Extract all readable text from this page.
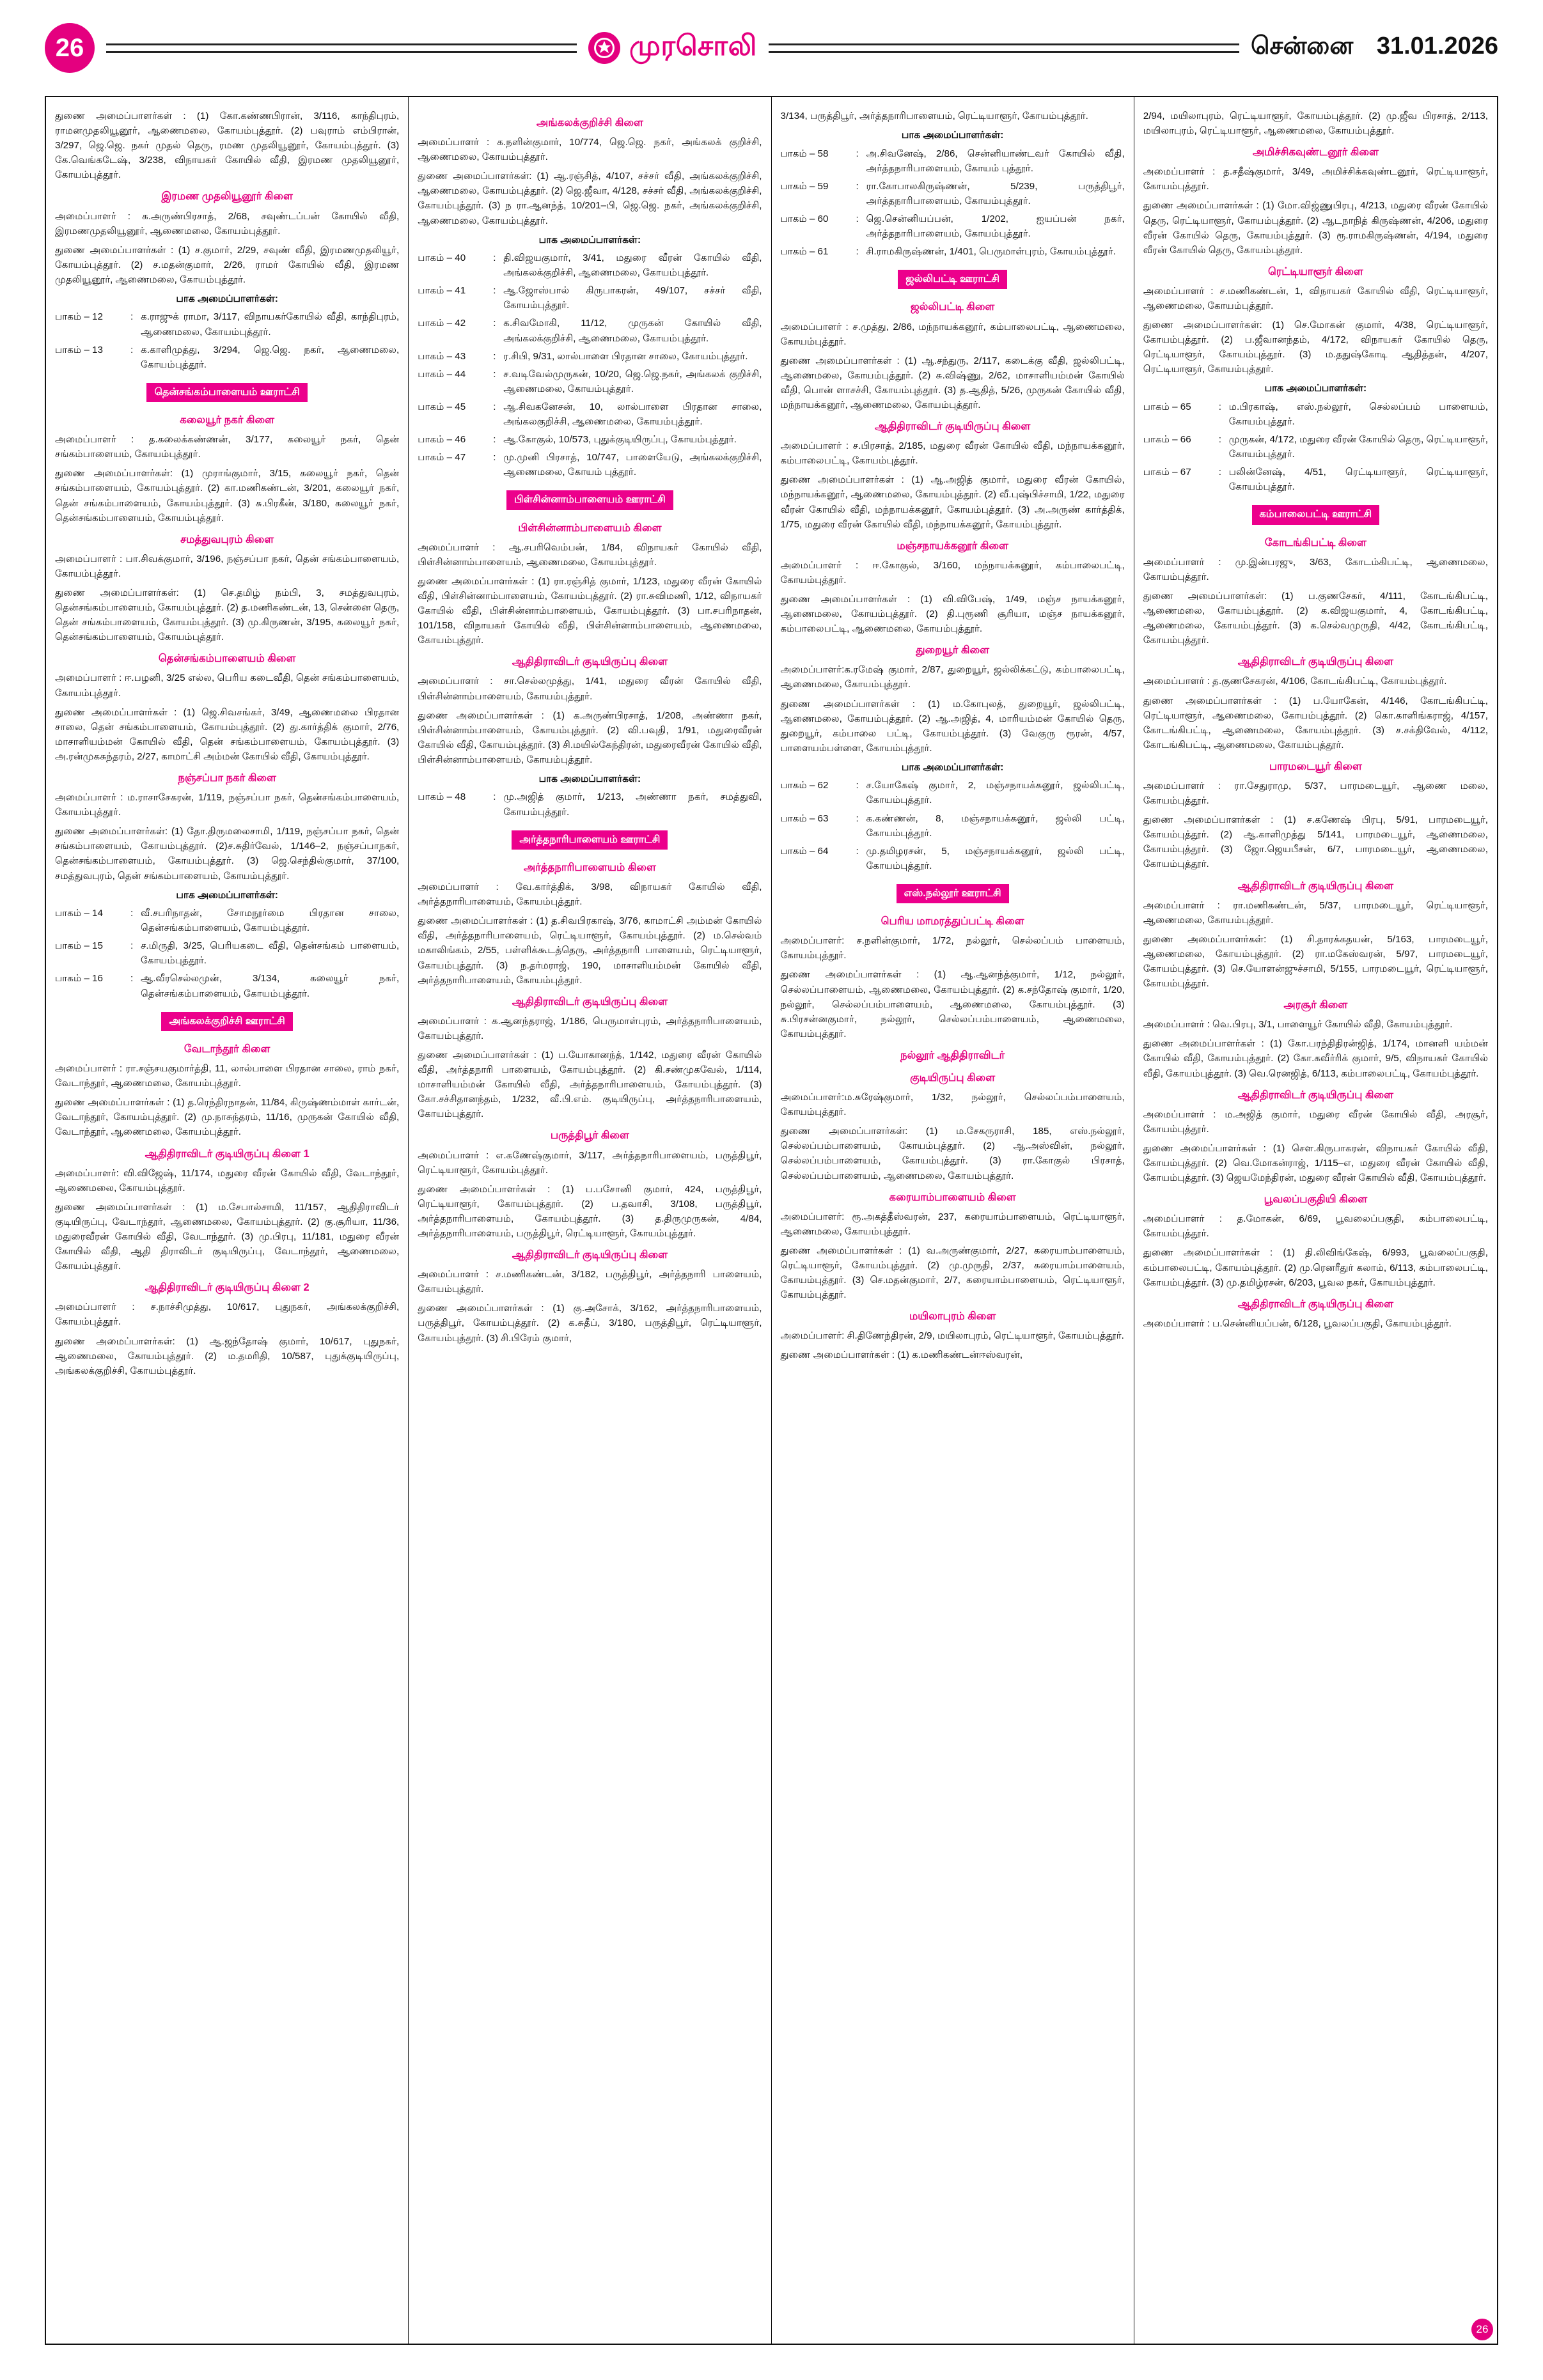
26	முரசொலி	சென்னை 31.01.2026

துணை அமைப்பாளர்கள் : (1) கோ.கண்ணபிரான், 3/116, காந்திபுரம், ராமனமுதலியூனூர், ஆணைமலை, கோயம்புத்தூர். (2) பவுராம் எம்பிரான், 3/297, ஜெ.ஜெ. நகர் முதல் தெரு, ரமண முதலியூனூர், கோயம்புத்தூர். (3) கே.வெங்கடேஷ், 3/238, விநாயகர் கோயில் வீதி, இரமண முதலியூனூர், கோயம்புத்தூர்.

இரமண முதலியூனூர் கிளை

அமைப்பாளர் : க.அருண்பிரசாத், 2/68, சவுண்டப்பன் கோயில் வீதி, இரமணமுதலியூனூர், ஆணைமலை, கோயம்புத்தூர்.

துணை அமைப்பாளர்கள் : (1) ச.குமார், 2/29, சவுண் வீதி, இரமணமுதலியூர், கோயம்புத்தூர். (2) ச.மதன்குமார், 2/26, ராமர் கோயில் வீதி, இரமண முதலியூனூர், ஆணைமலை, கோயம்புத்தூர்.

பாக அமைப்பாளர்கள்:
பாகம் – 12	: க.ராஜுக் ராமா, 3/117, விநாயகர்கோயில் வீதி, காந்திபுரம், ஆணைமலை, கோயம்புத்தூர்.
பாகம் – 13	: க.காளிமுத்து, 3/294, ஜெ.ஜெ. நகர், ஆணைமலை, கோயம்புத்தூர்.
தென்சங்கம்பாளையம் ஊராட்சி
கலையூர் நகர் கிளை

அமைப்பாளர் : த.கலைக்கண்ணன், 3/177, கலையூர் நகர், தென் சங்கம்பாளையம், கோயம்புத்தூர்.

துணை அமைப்பாளர்கள்: (1) முராங்குமார், 3/15, கலையூர் நகர், தென் சங்கம்பாளையம், கோயம்புத்தூர். (2) கா.மணிகண்டன், 3/201, கலையூர் நகர், தென் சங்கம்பாளையம், கோயம்புத்தூர். (3) சு.பிரகீன், 3/180, கலையூர் நகர், தென்சங்கம்பாளையம், கோயம்புத்தூர்.

சமத்துவபுரம் கிளை

அமைப்பாளர் : பா.சிவக்குமார், 3/196, நஞ்சப்பா நகர், தென் சங்கம்பாளையம், கோயம்புத்தூர்.

துணை அமைப்பாளர்கள்: (1) செ.தமிழ் நம்பி, 3, சமத்துவபுரம், தென்சங்கம்பாளையம், கோயம்புத்தூர். (2) த.மணிகண்டன், 13, சென்னை தெரு, தென் சங்கம்பாளையம், கோயம்புத்தூர். (3) மு.கிருணன், 3/195, கலையூர் நகர், தென்சங்கம்பாளையம், கோயம்புத்தூர்.

தென்சங்கம்பாளையம் கிளை

அமைப்பாளர் : ஈ.பழனி, 3/25 எல்ல, பெரிய கடைவீதி, தென் சங்கம்பாளையம், கோயம்புத்தூர்.

துணை அமைப்பாளர்கள் : (1) ஜெ.சிவசங்கர், 3/49, ஆணைமலை பிரதான சாலை, தென் சங்கம்பாளையம், கோயம்புத்தூர். (2) து.கார்த்திக் குமார், 2/76, மாசாளியம்மன் கோயில் வீதி, தென் சங்கம்பாளையம், கோயம்புத்தூர். (3) அ.ரன்முகசுந்தரம், 2/27, காமாட்சி அம்மன் கோயில் வீதி, கோயம்புத்தூர்.

நஞ்சப்பா நகர் கிளை

அமைப்பாளர் : ம.ராசாசேகரன், 1/119, நஞ்சப்பா நகர், தென்சங்கம்பாளையம், கோயம்புத்தூர்.

துணை அமைப்பாளர்கள்: (1) தோ.திருமலைசாமி, 1/119, நஞ்சப்பா நகர், தென் சங்கம்பாளையம், கோயம்புத்தூர். (2)ச.சுதிர்வேல், 1/146–2, நஞ்சப்பாநகர், தென்சங்கம்பாளையம், கோயம்புத்தூர். (3) ஜெ.செந்தில்குமார், 37/100, சமத்துவபுரம், தென் சங்கம்பாளையம், கோயம்புத்தூர்.

பாக அமைப்பாளர்கள்:
பாகம் – 14	: வீ.சபரிநாதன், சோமநூர்மை பிரதான சாலை, தென்சங்கம்பாளையம், கோயம்புத்தூர்.
பாகம் – 15	: ச.மிருதி, 3/25, பெரியகடை வீதி, தென்சங்கம் பாளையம், கோயம்புத்தூர்.
பாகம் – 16	: ஆ.வீரசெல்லமுன், 3/134, கலையூர் நகர், தென்சங்கம்பாளையம், கோயம்புத்தூர்.
அங்கலக்குறிச்சி ஊராட்சி
வேடாந்தூர் கிளை

அமைப்பாளர் : ரா.சஞ்சயகுமார்த்தி, 11, லால்பாளை பிரதான சாலை, ராம் நகர், வேடாந்தூர், ஆணைமலை, கோயம்புத்தூர்.

துணை அமைப்பாளர்கள் : (1) த.ரெந்திரநாதன், 11/84, கிருஷ்ணம்மாள் கார்டன், வேடாந்தூர், கோயம்புத்தூர். (2) மு.நாசுந்தரம், 11/16, முருகன் கோயில் வீதி, வேடாந்தூர், ஆணைமலை, கோயம்புத்தூர்.

ஆதிதிராவிடர் குடியிருப்பு கிளை 1

அமைப்பாளர்: வி.விஜேஷ், 11/174, மதுரை வீரன் கோயில் வீதி, வேடாந்தூர், ஆணைமலை, கோயம்புத்தூர்.

துணை அமைப்பாளர்கள் : (1) ம.சேபால்சாமி, 11/157, ஆதிதிராவிடர் குடியிருப்பு, வேடாந்தூர், ஆணைமலை, கோயம்புத்தூர். (2) கு.சூரியா, 11/36, மதுரைவீரன் கோயில் வீதி, வேடாந்தூர். (3) மு.பிரபு, 11/181, மதுரை வீரன் கோயில் வீதி, ஆதி திராவிடர் குடியிருப்பு, வேடாந்தூர், ஆணைமலை, கோயம்புத்தூர்.

ஆதிதிராவிடர் குடியிருப்பு கிளை 2

அமைப்பாளர் : ச.நாச்சிமுத்து, 10/617, புதுநகர், அங்கலக்குறிச்சி, கோயம்புத்தூர்.

துணை அமைப்பாளர்கள்: (1) ஆ.ஜந்தோஷ் குமார், 10/617, புதுநகர், ஆணைமலை, கோயம்புத்தூர். (2) ம.தமரிதி, 10/587, புதுக்குடியிருப்பு, அங்கலக்குறிச்சி, கோயம்புத்தூர்.

அங்கலக்குறிச்சி கிளை

அமைப்பாளர் : க.நளின்குமார், 10/774, ஜெ.ஜெ. நகர், அங்கலக் குறிச்சி, ஆணைமலை, கோயம்புத்தூர்.

துணை அமைப்பாளர்கள்: (1) ஆ.ரஞ்சித், 4/107, சச்சர் வீதி, அங்கலக்குறிச்சி, ஆணைமலை, கோயம்புத்தூர். (2) ஜெ.ஜீவா, 4/128, சச்சர் வீதி, அங்கலக்குறிச்சி, கோயம்புத்தூர். (3) ந ரா.ஆனந்த், 10/201–பி, ஜெ.ஜெ. நகர், அங்கலக்குறிச்சி, ஆணைமலை, கோயம்புத்தூர்.

பாக அமைப்பாளர்கள்:
பாகம் – 40	: தி.விஜயகுமார், 3/41, மதுரை வீரன் கோயில் வீதி, அங்கலக்குறிச்சி, ஆணைமலை, கோயம்புத்தூர்.
பாகம் – 41	: ஆ.ஜோஸ்பால் கிருபாகரன், 49/107, சச்சர் வீதி, கோயம்புத்தூர்.
பாகம் – 42	: க.சிவமோகி, 11/12, முருகன் கோயில் வீதி, அங்கலக்குறிச்சி, ஆணைமலை, கோயம்புத்தூர்.
பாகம் – 43	: ர.சிபி, 9/31, லால்பாளை பிரதான சாலை, கோயம்புத்தூர்.
பாகம் – 44	: ச.வடிவேல்முருகன், 10/20, ஜெ.ஜெ.நகர், அங்கலக் குறிச்சி, ஆணைமலை, கோயம்புத்தூர்.
பாகம் – 45	: ஆ.சிவகனேசன், 10, லால்பாளை பிரதான சாலை, அங்கலகுறிச்சி, ஆணைமலை, கோயம்புத்தூர்.
பாகம் – 46	: ஆ.கோகுல், 10/573, புதுக்குடியிருப்பு, கோயம்புத்தூர்.
பாகம் – 47	: மு.முனி பிரசாத், 10/747, பாளையேடு, அங்கலக்குறிச்சி, ஆணைமலை, கோயம் புத்தூர்.
பிள்சின்னாம்பாளையம் ஊராட்சி
பிள்சின்னாம்பாளையம் கிளை

அமைப்பாளர் : ஆ.சபரிவெம்பன், 1/84, விநாயகர் கோயில் வீதி, பிள்சின்னாம்பாளையம், ஆணைமலை, கோயம்புத்தூர்.

துணை அமைப்பாளர்கள் : (1) ரா.ரஞ்சித் குமார், 1/123, மதுரை வீரன் கோயில் வீதி, பிள்சின்னாம்பாளையம், கோயம்புத்தூர். (2) ரா.சுவிமணி, 1/12, விநாயகர் கோயில் வீதி, பிள்சின்னாம்பாளையம், கோயம்புத்தூர். (3) பா.சபரிநாதன், 101/158, விநாயகர் கோயில் வீதி, பிள்சின்னாம்பாளையம், ஆணைமலை, கோயம்புத்தூர்.

ஆதிதிராவிடர் குடியிருப்பு கிளை

அமைப்பாளர் : சா.செல்லமுத்து, 1/41, மதுரை வீரன் கோயில் வீதி, பிள்சின்னாம்பாளையம், கோயம்புத்தூர்.

துணை அமைப்பாளர்கள் : (1) க.அருண்பிரசாத், 1/208, அண்ணா நகர், பிள்சின்னாம்பாளையம், கோயம்புத்தூர். (2) வி.பவுதி, 1/91, மதுரைவீரன் கோயில் வீதி, கோயம்புத்தூர். (3) சி.மயில்கேந்திரன், மதுரைவீரன் கோயில் வீதி, பிள்சின்னாம்பாளையம், கோயம்புத்தூர்.

பாக அமைப்பாளர்கள்:
பாகம் – 48	: மு.அஜித் குமார், 1/213, அண்ணா நகர், சமத்துவி, கோயம்புத்தூர்.
அர்த்தநாரிபாளையம் ஊராட்சி
அர்த்தநாரிபாளையம் கிளை

அமைப்பாளர் : வே.கார்த்திக், 3/98, விநாயகர் கோயில் வீதி, அர்த்தநாரிபாளையம், கோயம்புத்தூர்.

துணை அமைப்பாளர்கள் : (1) த.சிவபிரகாஷ், 3/76, காமாட்சி அம்மன் கோயில் வீதி, அர்த்தநாரிபாளையம், ரெட்டியாளூர், கோயம்புத்தூர். (2) ம.செல்வம் மகாலிங்கம், 2/55, பள்ளிக்கூடத்தெரு, அர்த்தநாரி பாளையம், ரெட்டியாளூர், கோயம்புத்தூர். (3) ந.தர்மராஜ், 190, மாசாளியம்மன் கோயில் வீதி, அர்த்தநாரிபாளையம், கோயம்புத்தூர்.

ஆதிதிராவிடர் குடியிருப்பு கிளை

அமைப்பாளர் : க.ஆனந்தராஜ், 1/186, பெருமாள்புரம், அர்த்தநாரிபாளையம், கோயம்புத்தூர்.

துணை அமைப்பாளர்கள் : (1) ப.யோகானந்த், 1/142, மதுரை வீரன் கோயில் வீதி, அர்த்தநாரி பாளையம், கோயம்புத்தூர். (2) கி.சண்முகவேல், 1/114, மாசாளியம்மன் கோயில் வீதி, அர்த்தநாரிபாளையம், கோயம்புத்தூர். (3) கோ.சச்சிதானந்தம், 1/232, வீ.பி.எம். குடியிருப்பு, அர்த்தநாரிபாளையம், கோயம்புத்தூர்.

பருத்திபூர் கிளை

அமைப்பாளர் : எ.கணேஷ்குமார், 3/117, அர்த்தநாரிபாளையம், பருத்திபூர், ரெட்டியாளூர், கோயம்புத்தூர்.

துணை அமைப்பாளர்கள் : (1) ப.பசோனி குமார், 424, பருத்திபூர், ரெட்டியாளூர், கோயம்புத்தூர். (2) ப.தவாசி, 3/108, பருத்திபூர், அர்த்தநாரிபாளையம், கோயம்புத்தூர். (3) த.திருமுருகன், 4/84, அர்த்தநாரிபாளையம், பருத்திபூர், ரெட்டியாளூர், கோயம்புத்தூர்.

ஆதிதிராவிடர் குடியிருப்பு கிளை

அமைப்பாளர் : ச.மணிகண்டன், 3/182, பருத்திபூர், அர்த்தநாரி பாளையம், கோயம்புத்தூர்.

துணை அமைப்பாளர்கள் : (1) கு.அசோக், 3/162, அர்த்தநாரிபாளையம், பருத்திபூர், கோயம்புத்தூர். (2) க.சுதீப், 3/180, பருத்திபூர், ரெட்டியாளூர், கோயம்புத்தூர். (3) சி.பிரேம் குமார்,

3/134, பருத்திபூர், அர்த்தநாரிபாளையம், ரெட்டியாளூர், கோயம்புத்தூர்.

பாக அமைப்பாளர்கள்:
பாகம் – 58	: அ.சிவனேஷ், 2/86, சென்னியாண்டவர் கோயில் வீதி, அர்த்தநாரிபாளையம், கோயம் புத்தூர்.
பாகம் – 59	: ரா.கோபாலகிருஷ்ணன், 5/239, பருத்திபூர், அர்த்தநாரிபாளையம், கோயம்புத்தூர்.
பாகம் – 60	: ஜெ.சென்னியப்பன், 1/202, ஐயப்பன் நகர், அர்த்தநாரிபாளையம், கோயம்புத்தூர்.
பாகம் – 61	: சி.ராமகிருஷ்ணன், 1/401, பெருமாள்புரம், கோயம்புத்தூர்.
ஜல்லிபட்டி ஊராட்சி
ஜல்லிபட்டி கிளை

அமைப்பாளர் : ச.முத்து, 2/86, மந்நாயக்கனூர், கம்பாலைபட்டி, ஆணைமலை, கோயம்புத்தூர்.

துணை அமைப்பாளர்கள் : (1) ஆ.சந்துரு, 2/117, கடைக்கு வீதி, ஜல்லிபட்டி, ஆணைமலை, கோயம்புத்தூர். (2) சு.விஷ்ணு, 2/62, மாசாளியம்மன் கோயில் வீதி, பொன் ளாசச்சி, கோயம்புத்தூர். (3) த.ஆதித், 5/26, முருகன் கோயில் வீதி, மந்நாயக்கனூர், ஆணைமலை, கோயம்புத்தூர்.

ஆதிதிராவிடர் குடியிருப்பு கிளை

அமைப்பாளர் : ச.பிரசாத், 2/185, மதுரை வீரன் கோயில் வீதி, மந்நாயக்கனூர், கம்பாலைபட்டி, கோயம்புத்தூர்.

துணை அமைப்பாளர்கள் : (1) ஆ.அஜித் குமார், மதுரை வீரன் கோயில், மந்நாயக்கனூர், ஆணைமலை, கோயம்புத்தூர். (2) வீ.புஷ்பிச்சாமி, 1/22, மதுரை வீரன் கோயில் வீதி, மந்நாயக்கனூர், கோயம்புத்தூர். (3) அ.அருண் கார்த்திக், 1/75, மதுரை வீரன் கோயில் வீதி, மந்நாயக்கனூர், கோயம்புத்தூர்.

மஞ்சநாயக்கனூர் கிளை

அமைப்பாளர் : ஈ.கோகுல், 3/160, மந்நாயக்கனூர், கம்பாலைபட்டி, கோயம்புத்தூர்.

துணை அமைப்பாளர்கள் : (1) வி.விபேஷ், 1/49, மஞ்ச நாயக்கனூர், ஆணைமலை, கோயம்புத்தூர். (2) தி.புரூணி சூரியா, மஞ்ச நாயக்கனூர், கம்பாலைபட்டி, ஆணைமலை, கோயம்புத்தூர்.

துறையூர் கிளை

அமைப்பாளர்:க.ரமேஷ் குமார், 2/87, துறையூர், ஜல்லிக்கட்டு, கம்பாலைபட்டி, ஆணைமலை, கோயம்புத்தூர்.

துணை அமைப்பாளர்கள் : (1) ம.கோபுலத், துறையூர், ஜல்லிபட்டி, ஆணைமலை, கோயம்புத்தூர். (2) ஆ.அஜித், 4, மாரியம்மன் கோயில் தெரு, துறையூர், கம்பாலை பட்டி, கோயம்புத்தூர். (3) வேகுரு ரூரன், 4/57, பாளையம்பள்ளை, கோயம்புத்தூர்.

பாக அமைப்பாளர்கள்:
பாகம் – 62	: ச.யோகேஷ் குமார், 2, மஞ்சநாயக்கனூர், ஜல்லிபட்டி, கோயம்புத்தூர்.
பாகம் – 63	: க.கண்ணன், 8, மஞ்சநாயக்கனூர், ஜல்லி பட்டி, கோயம்புத்தூர்.
பாகம் – 64	: மு.தமிழரசன், 5, மஞ்சநாயக்கனூர், ஜல்லி பட்டி, கோயம்புத்தூர்.
எஸ்.நல்லூர் ஊராட்சி
பெரிய மாமரத்துப்பட்டி கிளை

அமைப்பாளர்: ச.நளின்குமார், 1/72, நல்லூர், செல்லப்பம் பாளையம், கோயம்புத்தூர்.

துணை அமைப்பாளர்கள் : (1) ஆ.ஆனந்த்குமார், 1/12, நல்லூர், செல்லப்பாளையம், ஆணைமலை, கோயம்புத்தூர். (2) க.சந்தோஷ் குமார், 1/20, நல்லூர், செல்லப்பம்பாளையம், ஆணைமலை, கோயம்புத்தூர். (3) சு.பிரசன்னகுமார், நல்லூர், செல்லப்பம்பாளையம், ஆணைமலை, கோயம்புத்தூர்.

நல்லூர் ஆதிதிராவிடர்
குடியிருப்பு கிளை

அமைப்பாளர்:ம.சுரேஷ்குமார், 1/32, நல்லூர், செல்லப்பம்பாளையம், கோயம்புத்தூர்.

துணை அமைப்பாளர்கள்: (1) ம.சேகருராசி, 185, எஸ்.நல்லூர், செல்லப்பம்பாளையம், கோயம்புத்தூர். (2) ஆ.அஸ்வின், நல்லூர், செல்லப்பம்பாளையம், கோயம்புத்தூர். (3) ரா.கோகுல் பிரசாத், செல்லப்பம்பாளையம், ஆணைமலை, கோயம்புத்தூர்.

கரையாம்பாளையம் கிளை

அமைப்பாளர்: ரூ.அகத்தீஸ்வரன், 237, கரையாம்பாளையம், ரெட்டியாளூர், ஆணைமலை, கோயம்புத்தூர்.

துணை அமைப்பாளர்கள் : (1) வ.அருண்குமார், 2/27, கரையாம்பாளையம், ரெட்டியாளூர், கோயம்புத்தூர். (2) மு.முருதி, 2/37, கரையாம்பாளையம், கோயம்புத்தூர். (3) செ.மதன்குமார், 2/7, கரையாம்பாளையம், ரெட்டியாளூர், கோயம்புத்தூர்.

மயிலாபுரம் கிளை

அமைப்பாளர்: சி.திணேந்திரன், 2/9, மயிலாபுரம், ரெட்டியாளூர், கோயம்புத்தூர்.

துணை அமைப்பாளர்கள் : (1) க.மணிகண்டன்ஈஸ்வரன்,

2/94, மயிலாபுரம், ரெட்டியாளூர், கோயம்புத்தூர். (2) மு.ஜீவ பிரசாத், 2/113, மயிலாபுரம், ரெட்டியாளூர், ஆணைமலை, கோயம்புத்தூர்.

அமிச்சிகவுண்டனூர் கிளை

அமைப்பாளர் : த.சதீஷ்குமார், 3/49, அமிச்சிக்கவுண்டனூர், ரெட்டியாளூர், கோயம்புத்தூர்.

துணை அமைப்பாளர்கள் : (1) மோ.விஜ்ணுபிரபு, 4/213, மதுரை வீரன் கோயில் தெரு, ரெட்டியாளூர், கோயம்புத்தூர். (2) ஆடநாநித் கிருஷ்ணன், 4/206, மதுரை வீரன் கோயில் தெரு, கோயம்புத்தூர். (3) ரூ.ராமகிருஷ்ணன், 4/194, மதுரை வீரன் கோயில் தெரு, கோயம்புத்தூர்.

ரெட்டியாளூர் கிளை

அமைப்பாளர் : ச.மணிகண்டன், 1, விநாயகர் கோயில் வீதி, ரெட்டியாளூர், ஆணைமலை, கோயம்புத்தூர்.

துணை அமைப்பாளர்கள்: (1) செ.மோகன் குமார், 4/38, ரெட்டியாளூர், கோயம்புத்தூர். (2) ப.ஜீவானந்தம், 4/172, விநாயகர் கோயில் தெரு, ரெட்டியாளூர், கோயம்புத்தூர். (3) ம.ததுஷ்கோடி ஆதித்தன், 4/207, ரெட்டியாளூர், கோயம்புத்தூர்.

பாக அமைப்பாளர்கள்:
பாகம் – 65	: ம.பிரகாஷ், எஸ்.நல்லூர், செல்லப்பம் பாளையம், கோயம்புத்தூர்.
பாகம் – 66	: முருகன், 4/172, மதுரை வீரன் கோயில் தெரு, ரெட்டியாளூர், கோயம்புத்தூர்.
பாகம் – 67	: பலின்னேஷ், 4/51, ரெட்டியாளூர், ரெட்டியாளூர், கோயம்புத்தூர்.
கம்பாலைபட்டி ஊராட்சி
கோடங்கிபட்டி கிளை

அமைப்பாளர் : மு.இன்பரஜு, 3/63, கோடம்கிபட்டி, ஆணைமலை, கோயம்புத்தூர்.

துணை அமைப்பாளர்கள்: (1) ப.குணசேகர், 4/111, கோடங்கிபட்டி, ஆணைமலை, கோயம்புத்தூர். (2) க.விஜயகுமார், 4, கோடங்கிபட்டி, ஆணைமலை, கோயம்புத்தூர். (3) க.செல்வமுருதி, 4/42, கோடங்கிபட்டி, கோயம்புத்தூர்.

ஆதிதிராவிடர் குடியிருப்பு கிளை

அமைப்பாளர் : த.குணசேகரன், 4/106, கோடங்கிபட்டி, கோயம்புத்தூர்.

துணை அமைப்பாளர்கள் : (1) ப.யோகேன், 4/146, கோடங்கிபட்டி, ரெட்டியாளூர், ஆணைமலை, கோயம்புத்தூர். (2) கொ.காளிங்கராஜ், 4/157, கோடங்கிபட்டி, ஆணைமலை, கோயம்புத்தூர். (3) ச.சக்திவேல், 4/112, கோடங்கிபட்டி, ஆணைமலை, கோயம்புத்தூர்.

பாரமடையூர் கிளை

அமைப்பாளர் : ரா.சேதுராமு, 5/37, பாரமடையூர், ஆணை மலை, கோயம்புத்தூர்.

துணை அமைப்பாளர்கள் : (1) ச.கணேஷ் பிரபு, 5/91, பாரமடையூர், கோயம்புத்தூர். (2) ஆ.காளிமுத்து 5/141, பாரமடையூர், ஆணைமலை, கோயம்புத்தூர். (3) ஜோ.ஜெயபீசன், 6/7, பாரமடையூர், ஆணைமலை, கோயம்புத்தூர்.

ஆதிதிராவிடர் குடியிருப்பு கிளை

அமைப்பாளர் : ரா.மணிகண்டன், 5/37, பாரமடையூர், ரெட்டியாளூர், ஆணைமலை, கோயம்புத்தூர்.

துணை அமைப்பாளர்கள்: (1) சி.தாரக்கதயன், 5/163, பாரமடையூர், ஆணைமலை, கோயம்புத்தூர். (2) ரா.மகேஸ்வரன், 5/97, பாரமடையூர், கோயம்புத்தூர். (3) செ.யோளன்ஜுச்சாமி, 5/155, பாரமடையூர், ரெட்டியாளூர், கோயம்புத்தூர்.

அரசூர் கிளை

அமைப்பாளர் : வெ.பிரபு, 3/1, பாளையூர் கோயில் வீதி, கோயம்புத்தூர்.

துணை அமைப்பாளர்கள் : (1) கோ.பரந்திதிரன்ஜித், 1/174, மானளி யம்மன் கோயில் வீதி, கோயம்புத்தூர். (2) கோ.கவீர்ரிக் குமார், 9/5, விநாயகர் கோயில் வீதி, கோயம்புத்தூர். (3) வெ.ரெனஜித், 6/113, கம்பாலைபட்டி, கோயம்புத்தூர்.

ஆதிதிராவிடர் குடியிருப்பு கிளை

அமைப்பாளர் : ம.அஜித் குமார், மதுரை வீரன் கோயில் வீதி, அரசூர், கோயம்புத்தூர்.

துணை அமைப்பாளர்கள் : (1) சௌ.கிருபாகரன், விநாயகர் கோயில் வீதி, கோயம்புத்தூர். (2) வெ.மோகன்ராஜ், 1/115–எ, மதுரை வீரன் கோயில் வீதி, கோயம்புத்தூர். (3) ஜெயமேந்திரன், மதுரை வீரன் கோயில் வீதி, கோயம்புத்தூர்.

பூவலப்பகுதியி கிளை

அமைப்பாளர் : த.மோகன், 6/69, பூவலைப்பகுதி, கம்பாலைபட்டி, கோயம்புத்தூர்.

துணை அமைப்பாளர்கள் : (1) தி.லிவிங்கேஷ், 6/993, பூவலைப்பகுதி, கம்பாலைபட்டி, கோயம்புத்தூர். (2) மு.ரெனரீதுர் கலாம், 6/113, கம்பாலைபட்டி, கோயம்புத்தூர். (3) மு.தமிழ்ரசன், 6/203, பூவல நகர், கோயம்புத்தூர்.

ஆதிதிராவிடர் குடியிருப்பு கிளை

அமைப்பாளர் : ப.சென்னியப்பன், 6/128, பூவலப்பகுதி, கோயம்புத்தூர்.

26
